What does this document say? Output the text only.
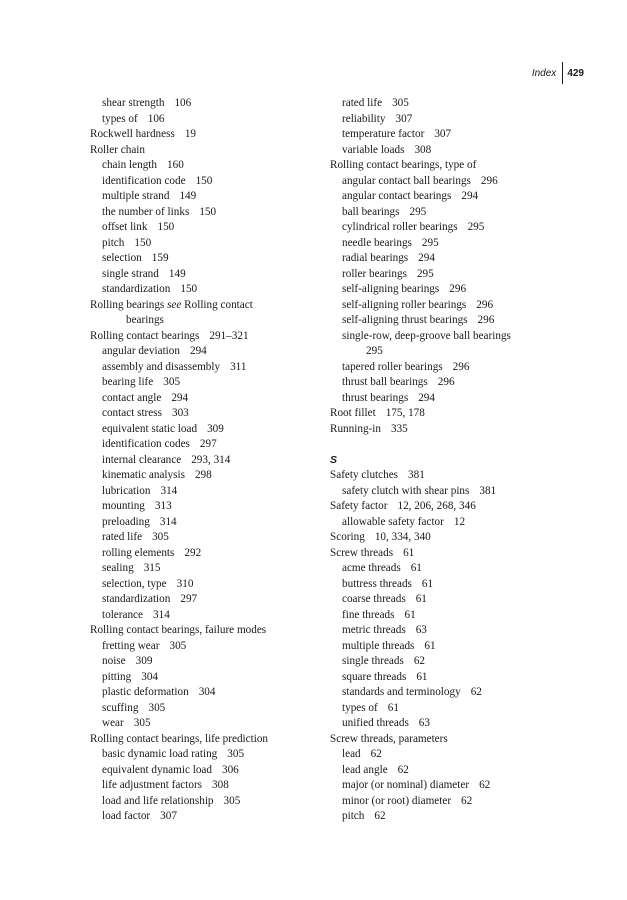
Index	429
shear strength 106
types of 106
Rockwell hardness 19
Roller chain
chain length 160
identification code 150
multiple strand 149
the number of links 150
offset link 150
pitch 150
selection 159
single strand 149
standardization 150
Rolling bearings see Rolling contact
bearings
Rolling contact bearings 291–321
angular deviation 294
assembly and disassembly 311
bearing life 305
contact angle 294
contact stress 303
equivalent static load 309
identification codes 297
internal clearance 293, 314
kinematic analysis 298
lubrication 314
mounting 313
preloading 314
rated life 305
rolling elements 292
sealing 315
selection, type 310
standardization 297
tolerance 314
Rolling contact bearings, failure modes
fretting wear 305
noise 309
pitting 304
plastic deformation 304
scuffing 305
wear 305
Rolling contact bearings, life prediction
basic dynamic load rating 305
equivalent dynamic load 306
life adjustment factors 308
load and life relationship 305
load factor 307
rated life 305
reliability 307
temperature factor 307
variable loads 308
Rolling contact bearings, type of
angular contact ball bearings 296
angular contact bearings 294
ball bearings 295
cylindrical roller bearings 295
needle bearings 295
radial bearings 294
roller bearings 295
self-aligning bearings 296
self-aligning roller bearings 296
self-aligning thrust bearings 296
single-row, deep-groove ball bearings
295
tapered roller bearings 296
thrust ball bearings 296
thrust bearings 294
Root fillet 175, 178
Running-in 335
S
Safety clutches 381
safety clutch with shear pins 381
Safety factor 12, 206, 268, 346
allowable safety factor 12
Scoring 10, 334, 340
Screw threads 61
acme threads 61
buttress threads 61
coarse threads 61
fine threads 61
metric threads 63
multiple threads 61
single threads 62
square threads 61
standards and terminology 62
types of 61
unified threads 63
Screw threads, parameters
lead 62
lead angle 62
major (or nominal) diameter 62
minor (or root) diameter 62
pitch 62
